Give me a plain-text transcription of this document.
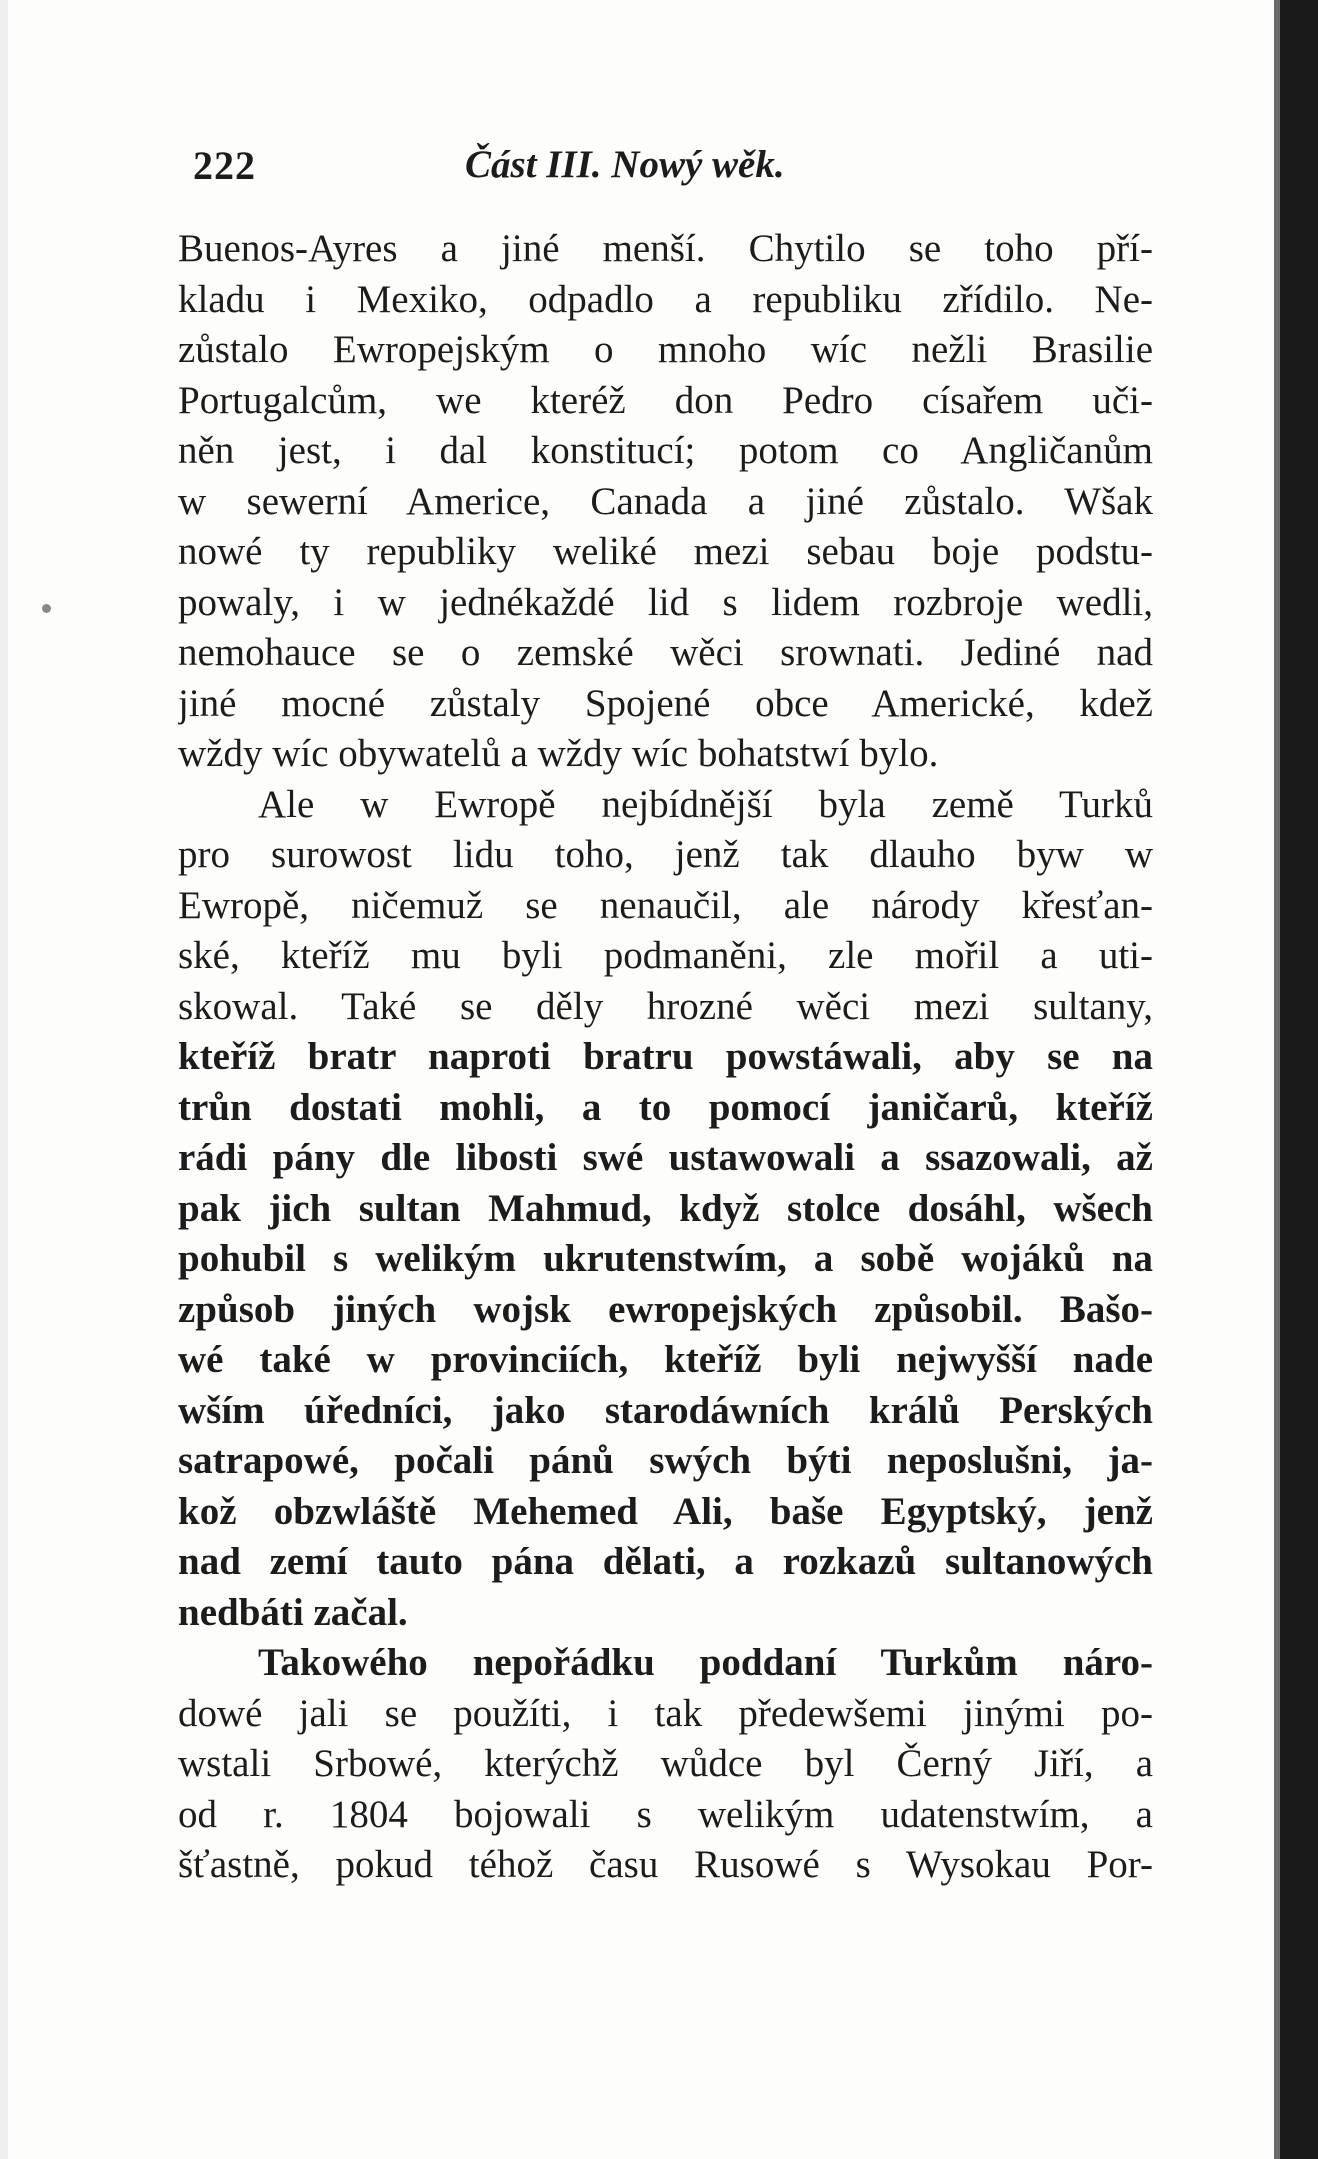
222	Část III. Nowý wěk.
Buenos-Ayres a jiné menší. Chytilo se toho pří-
kladu i Mexiko, odpadlo a republiku zřídilo. Ne-
zůstalo Ewropejským o mnoho wíc nežli Brasilie
Portugalcům, we kteréž don Pedro císařem uči-
něn jest, i dal konstitucí; potom co Angličanům
w sewerní Americe, Canada a jiné zůstalo. Wšak
nowé ty republiky weliké mezi sebau boje podstu-
powaly, i w jednékaždé lid s lidem rozbroje wedli,
nemohauce se o zemské wěci srownati. Jediné nad
jiné mocné zůstaly Spojené obce Americké, kdež
wždy wíc obywatelů a wždy wíc bohatstwí bylo.
Ale w Ewropě nejbídnější byla země Turků
pro surowost lidu toho, jenž tak dlauho byw w
Ewropě, ničemuž se nenaučil, ale národy křesťan-
ské, kteříž mu byli podmaněni, zle mořil a uti-
skowal. Také se děly hrozné wěci mezi sultany,
kteříž bratr naproti bratru powstáwali, aby se na
trůn dostati mohli, a to pomocí janičarů, kteříž
rádi pány dle libosti swé ustawowali a ssazowali, až
pak jich sultan Mahmud, když stolce dosáhl, wšech
pohubil s welikým ukrutenstwím, a sobě wojáků na
způsob jiných wojsk ewropejských způsobil. Bašo-
wé také w provinciích, kteříž byli nejwyšší nade
wším úředníci, jako starodáwních králů Perských
satrapowé, počali pánů swých býti neposlušni, ja-
kož obzwláště Mehemed Ali, baše Egyptský, jenž
nad zemí tauto pána dělati, a rozkazů sultanowých
nedbáti začal.
Takowého nepořádku poddaní Turkům náro-
dowé jali se použíti, i tak předewšemi jinými po-
wstali Srbowé, kterýchž wůdce byl Černý Jiří, a
od r. 1804 bojowali s welikým udatenstwím, a
šťastně, pokud téhož času Rusowé s Wysokau Por-
